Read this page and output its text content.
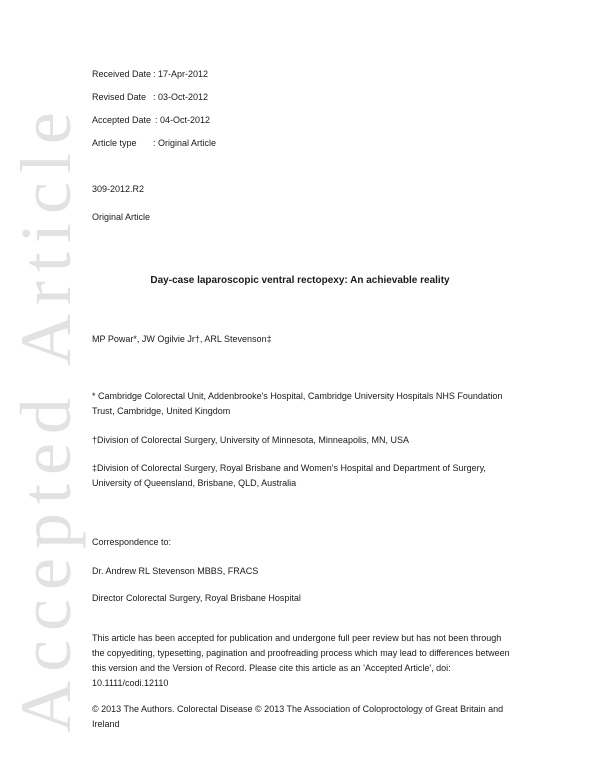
Accepted Article
Received Date : 17-Apr-2012
Revised Date : 03-Oct-2012
Accepted Date : 04-Oct-2012
Article type : Original Article
309-2012.R2
Original Article
Day-case laparoscopic ventral rectopexy: An achievable reality
MP Powar*, JW Ogilvie Jr†, ARL Stevenson‡
* Cambridge Colorectal Unit, Addenbrooke's Hospital, Cambridge University Hospitals NHS Foundation Trust, Cambridge, United Kingdom
†Division of Colorectal Surgery, University of Minnesota, Minneapolis, MN, USA
‡Division of Colorectal Surgery, Royal Brisbane and Women's Hospital and Department of Surgery, University of Queensland, Brisbane, QLD, Australia
Correspondence to:
Dr. Andrew RL Stevenson MBBS, FRACS
Director Colorectal Surgery, Royal Brisbane Hospital
This article has been accepted for publication and undergone full peer review but has not been through the copyediting, typesetting, pagination and proofreading process which may lead to differences between this version and the Version of Record. Please cite this article as an 'Accepted Article', doi: 10.1111/codi.12110
© 2013 The Authors. Colorectal Disease © 2013 The Association of Coloproctology of Great Britain and Ireland
